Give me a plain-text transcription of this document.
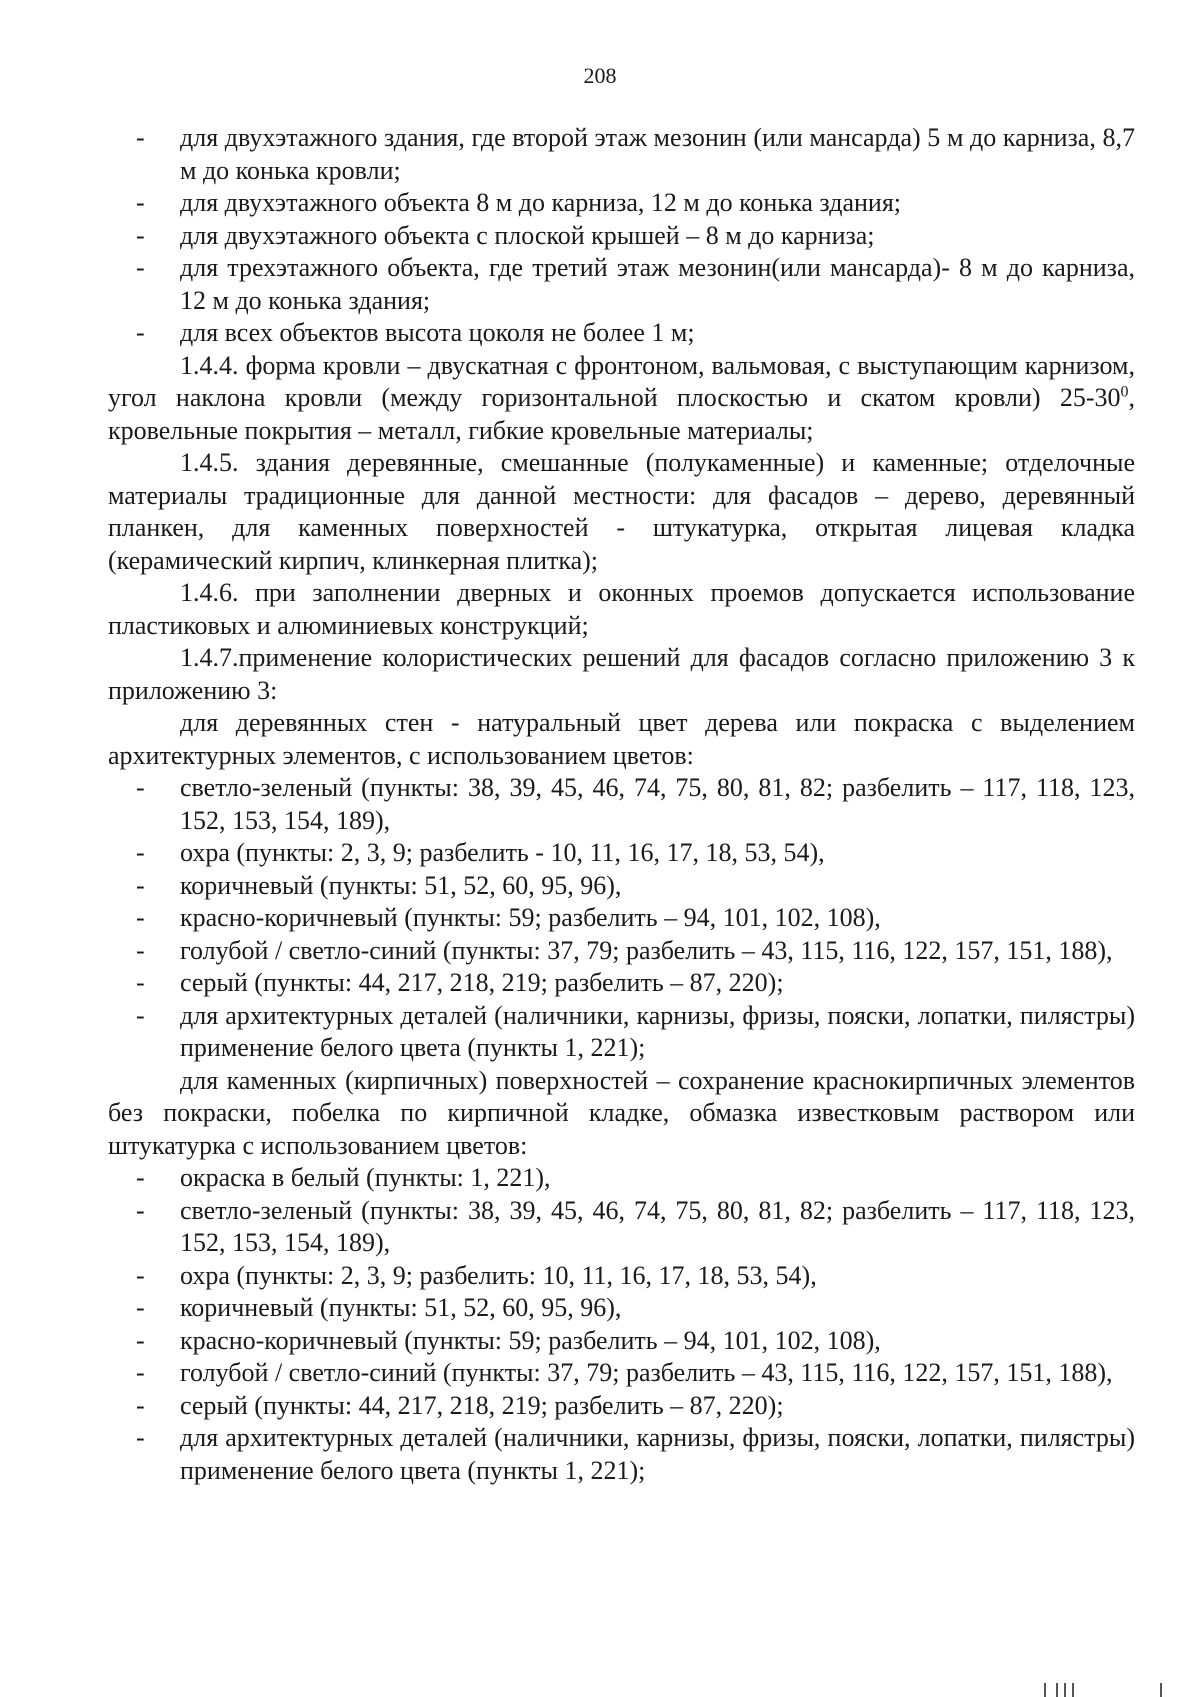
208
- для двухэтажного здания, где второй этаж мезонин (или мансарда) 5 м до карниза, 8,7 м до конька кровли;
- для двухэтажного объекта 8 м до карниза, 12 м до конька здания;
- для двухэтажного объекта с плоской крышей – 8 м до карниза;
- для трехэтажного объекта, где третий этаж мезонин(или мансарда)- 8 м до карниза, 12 м до конька здания;
- для всех объектов высота цоколя не более 1 м;

1.4.4. форма кровли – двускатная с фронтоном, вальмовая, с выступающим карнизом, угол наклона кровли (между горизонтальной плоскостью и скатом кровли) $25-30^0$, кровельные покрытия – металл, гибкие кровельные материалы;

1.4.5. здания деревянные, смешанные (полукаменные) и каменные; отделочные материалы традиционные для данной местности: для фасадов – дерево, деревянный планкен, для каменных поверхностей - штукатурка, открытая лицевая кладка (керамический кирпич, клинкерная плитка);

1.4.6. при заполнении дверных и оконных проемов допускается использование пластиковых и алюминиевых конструкций;

1.4.7.применение колористических решений для фасадов согласно приложению 3 к приложению 3:

для деревянных стен - натуральный цвет дерева или покраска с выделением архитектурных элементов, с использованием цветов:

- светло-зеленый (пункты: 38, 39, 45, 46, 74, 75, 80, 81, 82; разбелить – 117, 118, 123, 152, 153, 154, 189),
- охра (пункты: 2, 3, 9; разбелить - 10, 11, 16, 17, 18, 53, 54),
- коричневый (пункты: 51, 52, 60, 95, 96),
- красно-коричневый (пункты: 59; разбелить – 94, 101, 102, 108),
- голубой / светло-синий (пункты: 37, 79; разбелить – 43, 115, 116, 122, 157, 151, 188),
- серый (пункты: 44, 217, 218, 219; разбелить – 87, 220);
- для архитектурных деталей (наличники, карнизы, фризы, пояски, лопатки, пилястры) применение белого цвета (пункты 1, 221);

для каменных (кирпичных) поверхностей – сохранение краснокирпичных элементов без покраски, побелка по кирпичной кладке, обмазка известковым раствором или штукатурка с использованием цветов:

- окраска в белый (пункты: 1, 221),
- светло-зеленый (пункты: 38, 39, 45, 46, 74, 75, 80, 81, 82; разбелить – 117, 118, 123, 152, 153, 154, 189),
- охра (пункты: 2, 3, 9; разбелить: 10, 11, 16, 17, 18, 53, 54),
- коричневый (пункты: 51, 52, 60, 95, 96),
- красно-коричневый (пункты: 59; разбелить – 94, 101, 102, 108),
- голубой / светло-синий (пункты: 37, 79; разбелить – 43, 115, 116, 122, 157, 151, 188),
- серый (пункты: 44, 217, 218, 219; разбелить – 87, 220);
- для архитектурных деталей (наличники, карнизы, фризы, пояски, лопатки, пилястры) применение белого цвета (пункты 1, 221);
